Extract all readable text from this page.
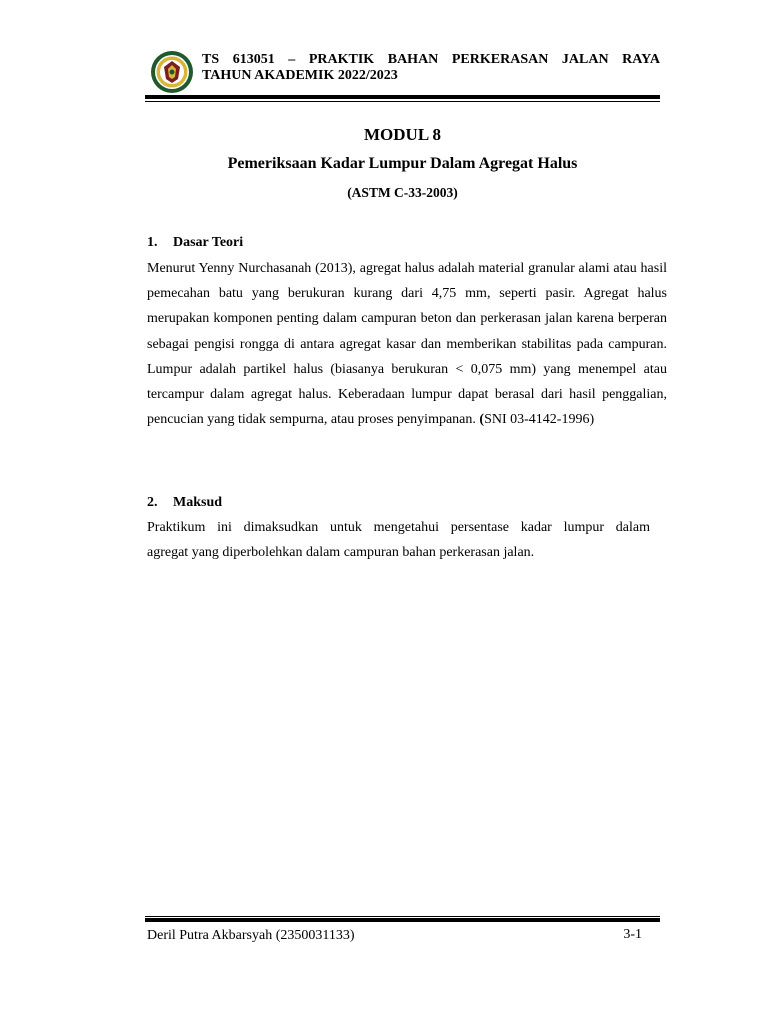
TS 613051 – PRAKTIK BAHAN PERKERASAN JALAN RAYA
TAHUN AKADEMIK 2022/2023
MODUL 8
Pemeriksaan Kadar Lumpur Dalam Agregat Halus
(ASTM C-33-2003)
1. Dasar Teori

Menurut Yenny Nurchasanah (2013), agregat halus adalah material granular alami atau hasil pemecahan batu yang berukuran kurang dari 4,75 mm, seperti pasir. Agregat halus merupakan komponen penting dalam campuran beton dan perkerasan jalan karena berperan sebagai pengisi rongga di antara agregat kasar dan memberikan stabilitas pada campuran. Lumpur adalah partikel halus (biasanya berukuran < 0,075 mm) yang menempel atau tercampur dalam agregat halus. Keberadaan lumpur dapat berasal dari hasil penggalian, pencucian yang tidak sempurna, atau proses penyimpanan. (SNI 03-4142-1996)

2. Maksud
Praktikum ini dimaksudkan untuk mengetahui persentase kadar lumpur dalam
agregat yang diperbolehkan dalam campuran bahan perkerasan jalan.
Deril Putra Akbarsyah (2350031133)	3-1
